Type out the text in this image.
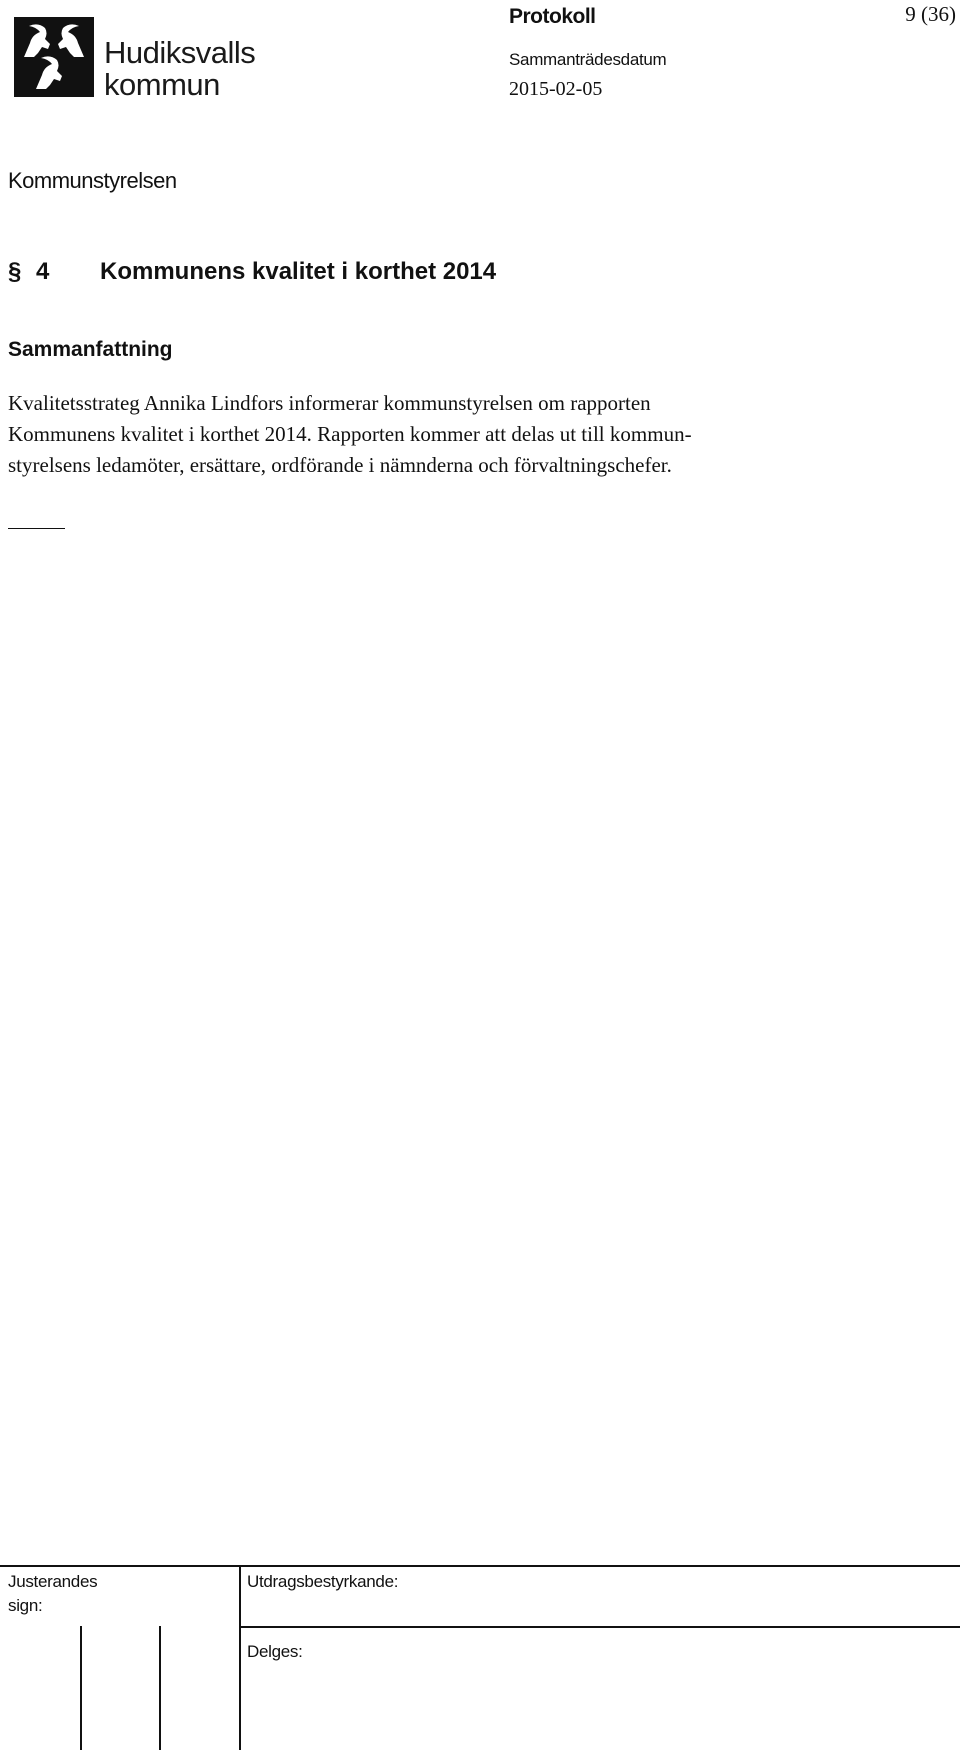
Hudiksvalls
kommun
Protokoll	9 (36)
Sammanträdesdatum
2015-02-05
Kommunstyrelsen
§ 4 Kommunens kvalitet i korthet 2014
Sammanfattning
Kvalitetsstrateg Annika Lindfors informerar kommunstyrelsen om rapporten
Kommunens kvalitet i korthet 2014. Rapporten kommer att delas ut till kommun-
styrelsens ledamöter, ersättare, ordförande i nämnderna och förvaltningschefer.
Justerandes
sign:
Utdragsbestyrkande:
Delges:
